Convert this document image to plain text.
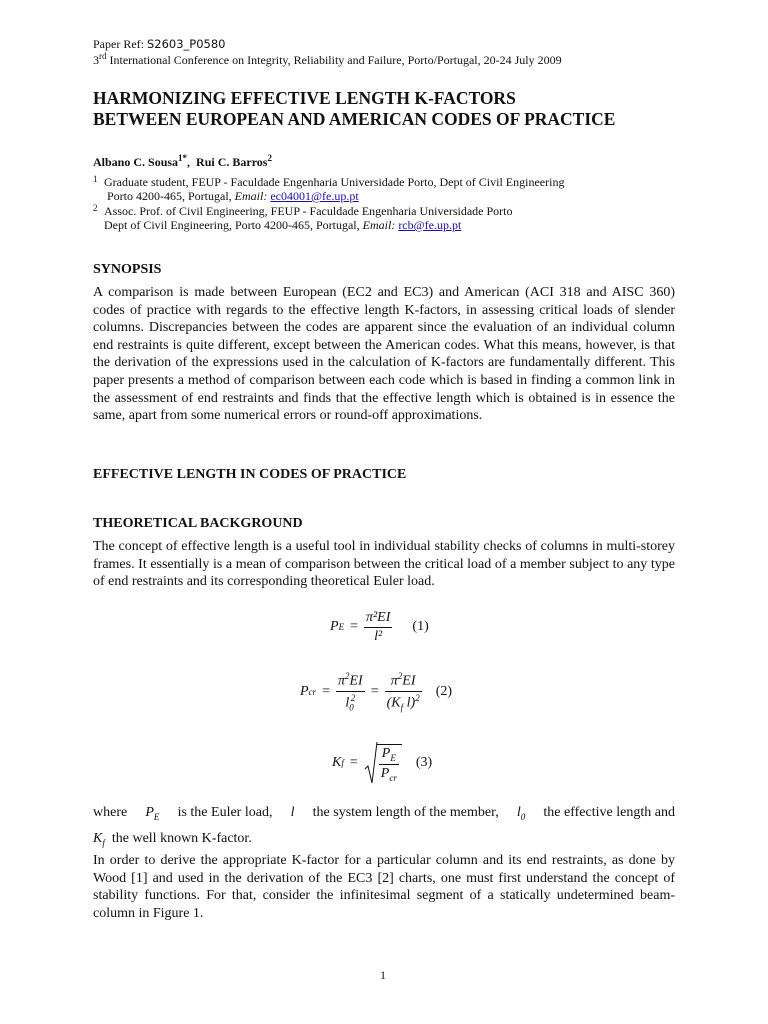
Paper Ref: S2603_P0580
3rd International Conference on Integrity, Reliability and Failure, Porto/Portugal, 20-24 July 2009
HARMONIZING EFFECTIVE LENGTH K-FACTORS
BETWEEN EUROPEAN AND AMERICAN CODES OF PRACTICE
Albano C. Sousa$^{1*}$, Rui C. Barros$^2$
1 Graduate student, FEUP - Faculdade Engenharia Universidade Porto, Dept of Civil Engineering
Porto 4200-465, Portugal, Email: ec04001@fe.up.pt
2 Assoc. Prof. of Civil Engineering, FEUP - Faculdade Engenharia Universidade Porto
Dept of Civil Engineering, Porto 4200-465, Portugal, Email: rcb@fe.up.pt
SYNOPSIS
A comparison is made between European (EC2 and EC3) and American (ACI 318 and AISC 360) codes of practice with regards to the effective length K-factors, in assessing critical loads of slender columns. Discrepancies between the codes are apparent since the evaluation of an individual column end restraints is quite different, except between the American codes. What this means, however, is that the derivation of the expressions used in the calculation of K-factors are fundamentally different. This paper presents a method of comparison between each code which is based in finding a common link in the assessment of end restraints and finds that the effective length which is obtained is in essence the same, apart from some numerical errors or round-off approximations.
EFFECTIVE LENGTH IN CODES OF PRACTICE
THEORETICAL BACKGROUND
The concept of effective length is a useful tool in individual stability checks of columns in multi-storey frames. It essentially is a mean of comparison between the critical load of a member subject to any type of end restraints and its corresponding theoretical Euler load.
P $E = \frac{\text{π²EI}}{\text{l²}} (1)$
P cr = $\frac{\pi^2EI}{l_0^2} = \frac{\pi^2EI}{(K_f l)^2} (2)$
K $f = \frac{P_E}{P_{cr}} (3)$
where $P_E$ is the Euler load, l the system length of the member, $l_0$ the effective length and
$K_f$ the well known K-factor.
In order to derive the appropriate K-factor for a particular column and its end restraints, as done by Wood [1] and used in the derivation of the EC3 [2] charts, one must first understand the concept of stability functions. For that, consider the infinitesimal segment of a statically undetermined beam-column in Figure 1.
1
